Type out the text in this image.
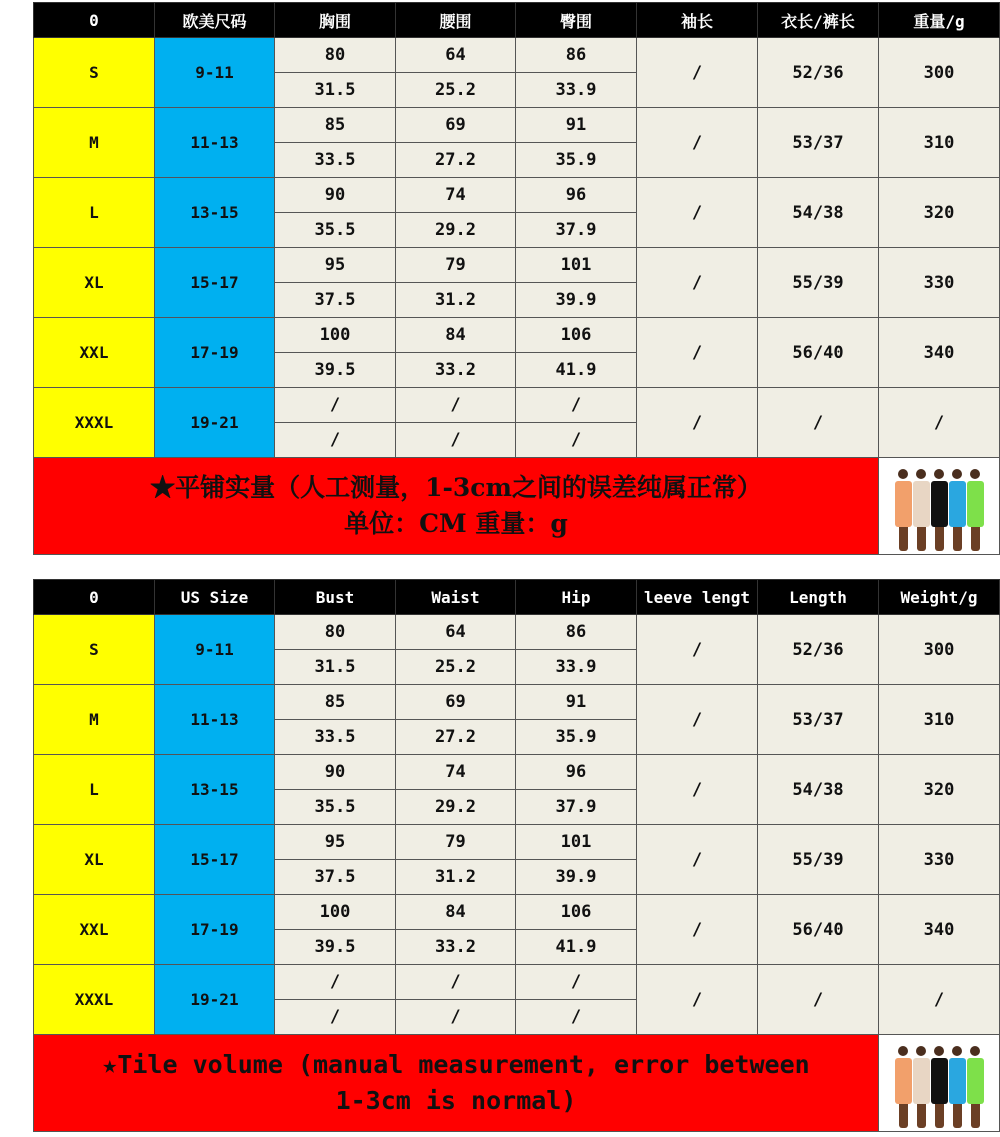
0	欧美尺码	胸围	腰围	臀围	袖长	衣长/裤长	重量/g
S	9-11	80	64	86	/	52/36	300
		31.5	25.2	33.9			
M	11-13	85	69	91	/	53/37	310
		33.5	27.2	35.9			
L	13-15	90	74	96	/	54/38	320
		35.5	29.2	37.9			
XL	15-17	95	79	101	/	55/39	330
		37.5	31.2	39.9			
XXL	17-19	100	84	106	/	56/40	340
		39.5	33.2	41.9			
XXXL	19-21	/	/	/	/	/	/
		/	/	/			

★平铺实量（人工测量，1-3cm之间的误差纯属正常）
单位：CM 重量：g							

0	US Size	Bust	Waist	Hip	leeve lengt	Length	Weight/g
S	9-11	80	64	86	/	52/36	300
		31.5	25.2	33.9			
M	11-13	85	69	91	/	53/37	310
		33.5	27.2	35.9			
L	13-15	90	74	96	/	54/38	320
		35.5	29.2	37.9			
XL	15-17	95	79	101	/	55/39	330
		37.5	31.2	39.9			
XXL	17-19	100	84	106	/	56/40	340
		39.5	33.2	41.9			
XXXL	19-21	/	/	/	/	/	/
		/	/	/			

★Tile volume (manual measurement, error between
1-3cm is normal)							
